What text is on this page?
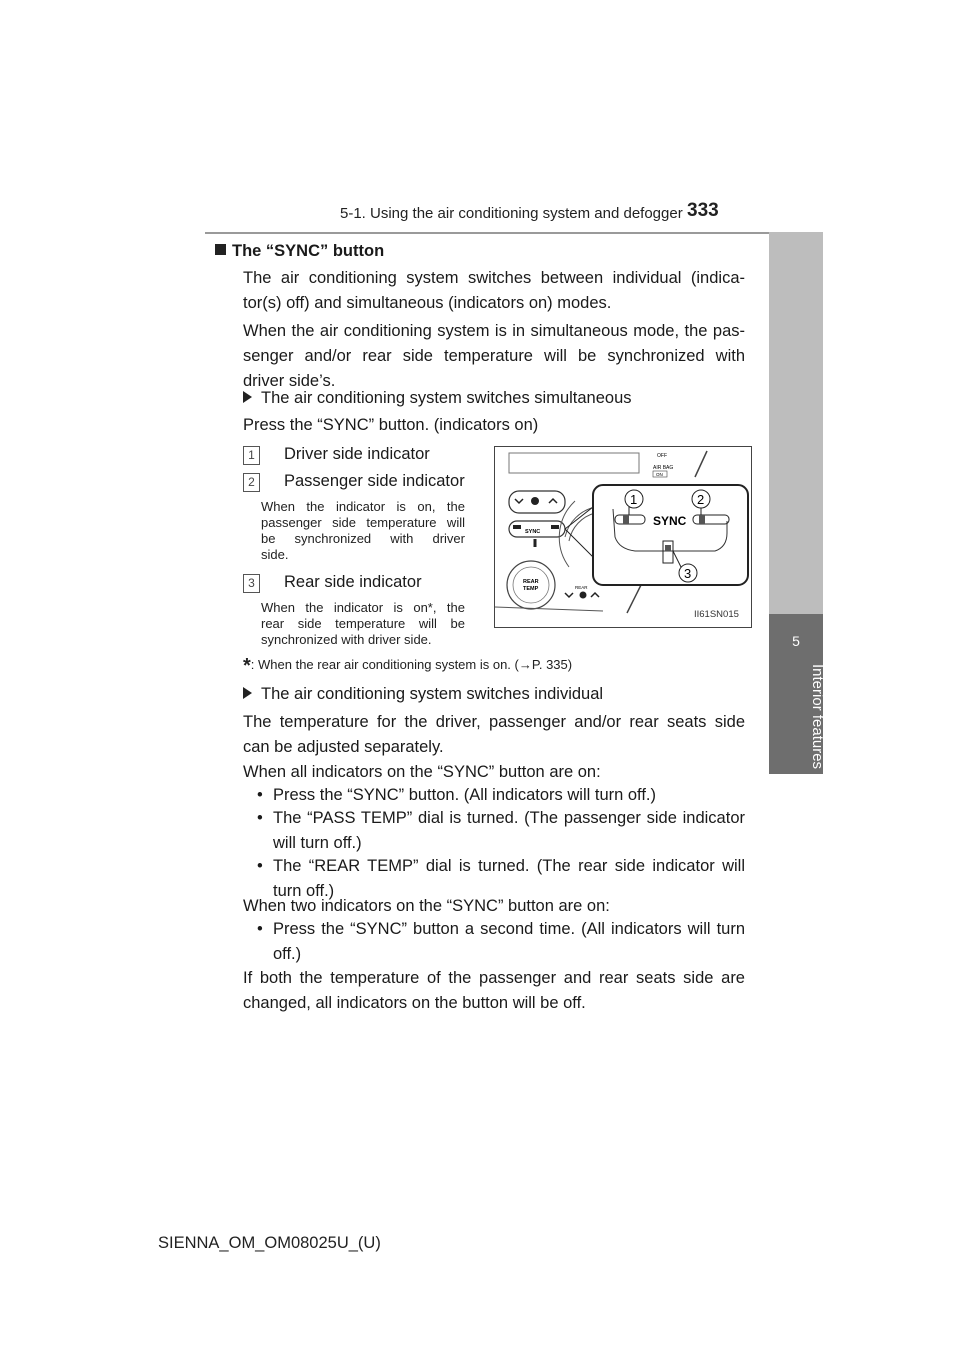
5-1. Using the air conditioning system and defogger 333
5
Interior features
The “SYNC” button
The air conditioning system switches between individual (indica-
tor(s) off) and simultaneous (indicators on) modes.
When the air conditioning system is in simultaneous mode, the pas-
senger and/or rear side temperature will be synchronized with
driver side’s.
The air conditioning system switches simultaneous
Press the “SYNC” button. (indicators on)
1 Driver side indicator
2 Passenger side indicator
When the indicator is on, the
passenger side temperature will
be synchronized with driver
side.
3 Rear side indicator
When the indicator is on*, the
rear side temperature will be
synchronized with driver side.
OFF
AIR BAG
ON
SYNC
REAR
TEMP	REAR
SYNC
1	2
3
II61SN015
*: When the rear air conditioning system is on. (→P. 335)
The air conditioning system switches individual
The temperature for the driver, passenger and/or rear seats side
can be adjusted separately.
When all indicators on the “SYNC” button are on:
• Press the “SYNC” button. (All indicators will turn off.)
• The “PASS TEMP” dial is turned. (The passenger side indicator
will turn off.)
• The “REAR TEMP” dial is turned. (The rear side indicator will
turn off.)
When two indicators on the “SYNC” button are on:
• Press the “SYNC” button a second time. (All indicators will turn
off.)
If both the temperature of the passenger and rear seats side are
changed, all indicators on the button will be off.
SIENNA_OM_OM08025U_(U)
